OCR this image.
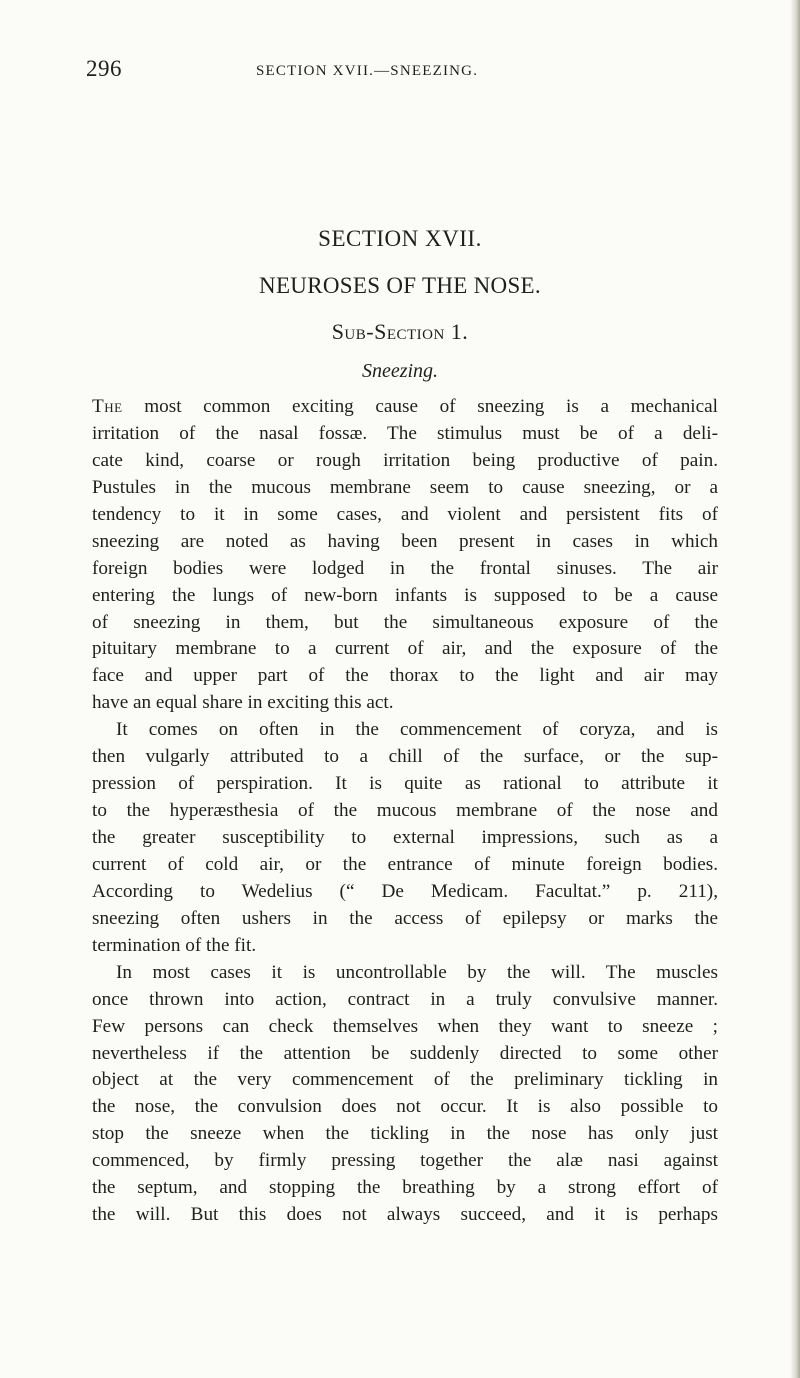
296	SECTION XVII.—SNEEZING.
SECTION XVII.
NEUROSES OF THE NOSE.
Sub-Section 1.
Sneezing.
The most common exciting cause of sneezing is a mechanical
irritation of the nasal fossæ. The stimulus must be of a deli-
cate kind, coarse or rough irritation being productive of pain.
Pustules in the mucous membrane seem to cause sneezing, or a
tendency to it in some cases, and violent and persistent fits of
sneezing are noted as having been present in cases in which
foreign bodies were lodged in the frontal sinuses. The air
entering the lungs of new-born infants is supposed to be a cause
of sneezing in them, but the simultaneous exposure of the
pituitary membrane to a current of air, and the exposure of the
face and upper part of the thorax to the light and air may
have an equal share in exciting this act.
It comes on often in the commencement of coryza, and is
then vulgarly attributed to a chill of the surface, or the sup-
pression of perspiration. It is quite as rational to attribute it
to the hyperæsthesia of the mucous membrane of the nose and
the greater susceptibility to external impressions, such as a
current of cold air, or the entrance of minute foreign bodies.
According to Wedelius (“ De Medicam. Facultat.” p. 211),
sneezing often ushers in the access of epilepsy or marks the
termination of the fit.
In most cases it is uncontrollable by the will. The muscles
once thrown into action, contract in a truly convulsive manner.
Few persons can check themselves when they want to sneeze ;
nevertheless if the attention be suddenly directed to some other
object at the very commencement of the preliminary tickling in
the nose, the convulsion does not occur. It is also possible to
stop the sneeze when the tickling in the nose has only just
commenced, by firmly pressing together the alæ nasi against
the septum, and stopping the breathing by a strong effort of
the will. But this does not always succeed, and it is perhaps
